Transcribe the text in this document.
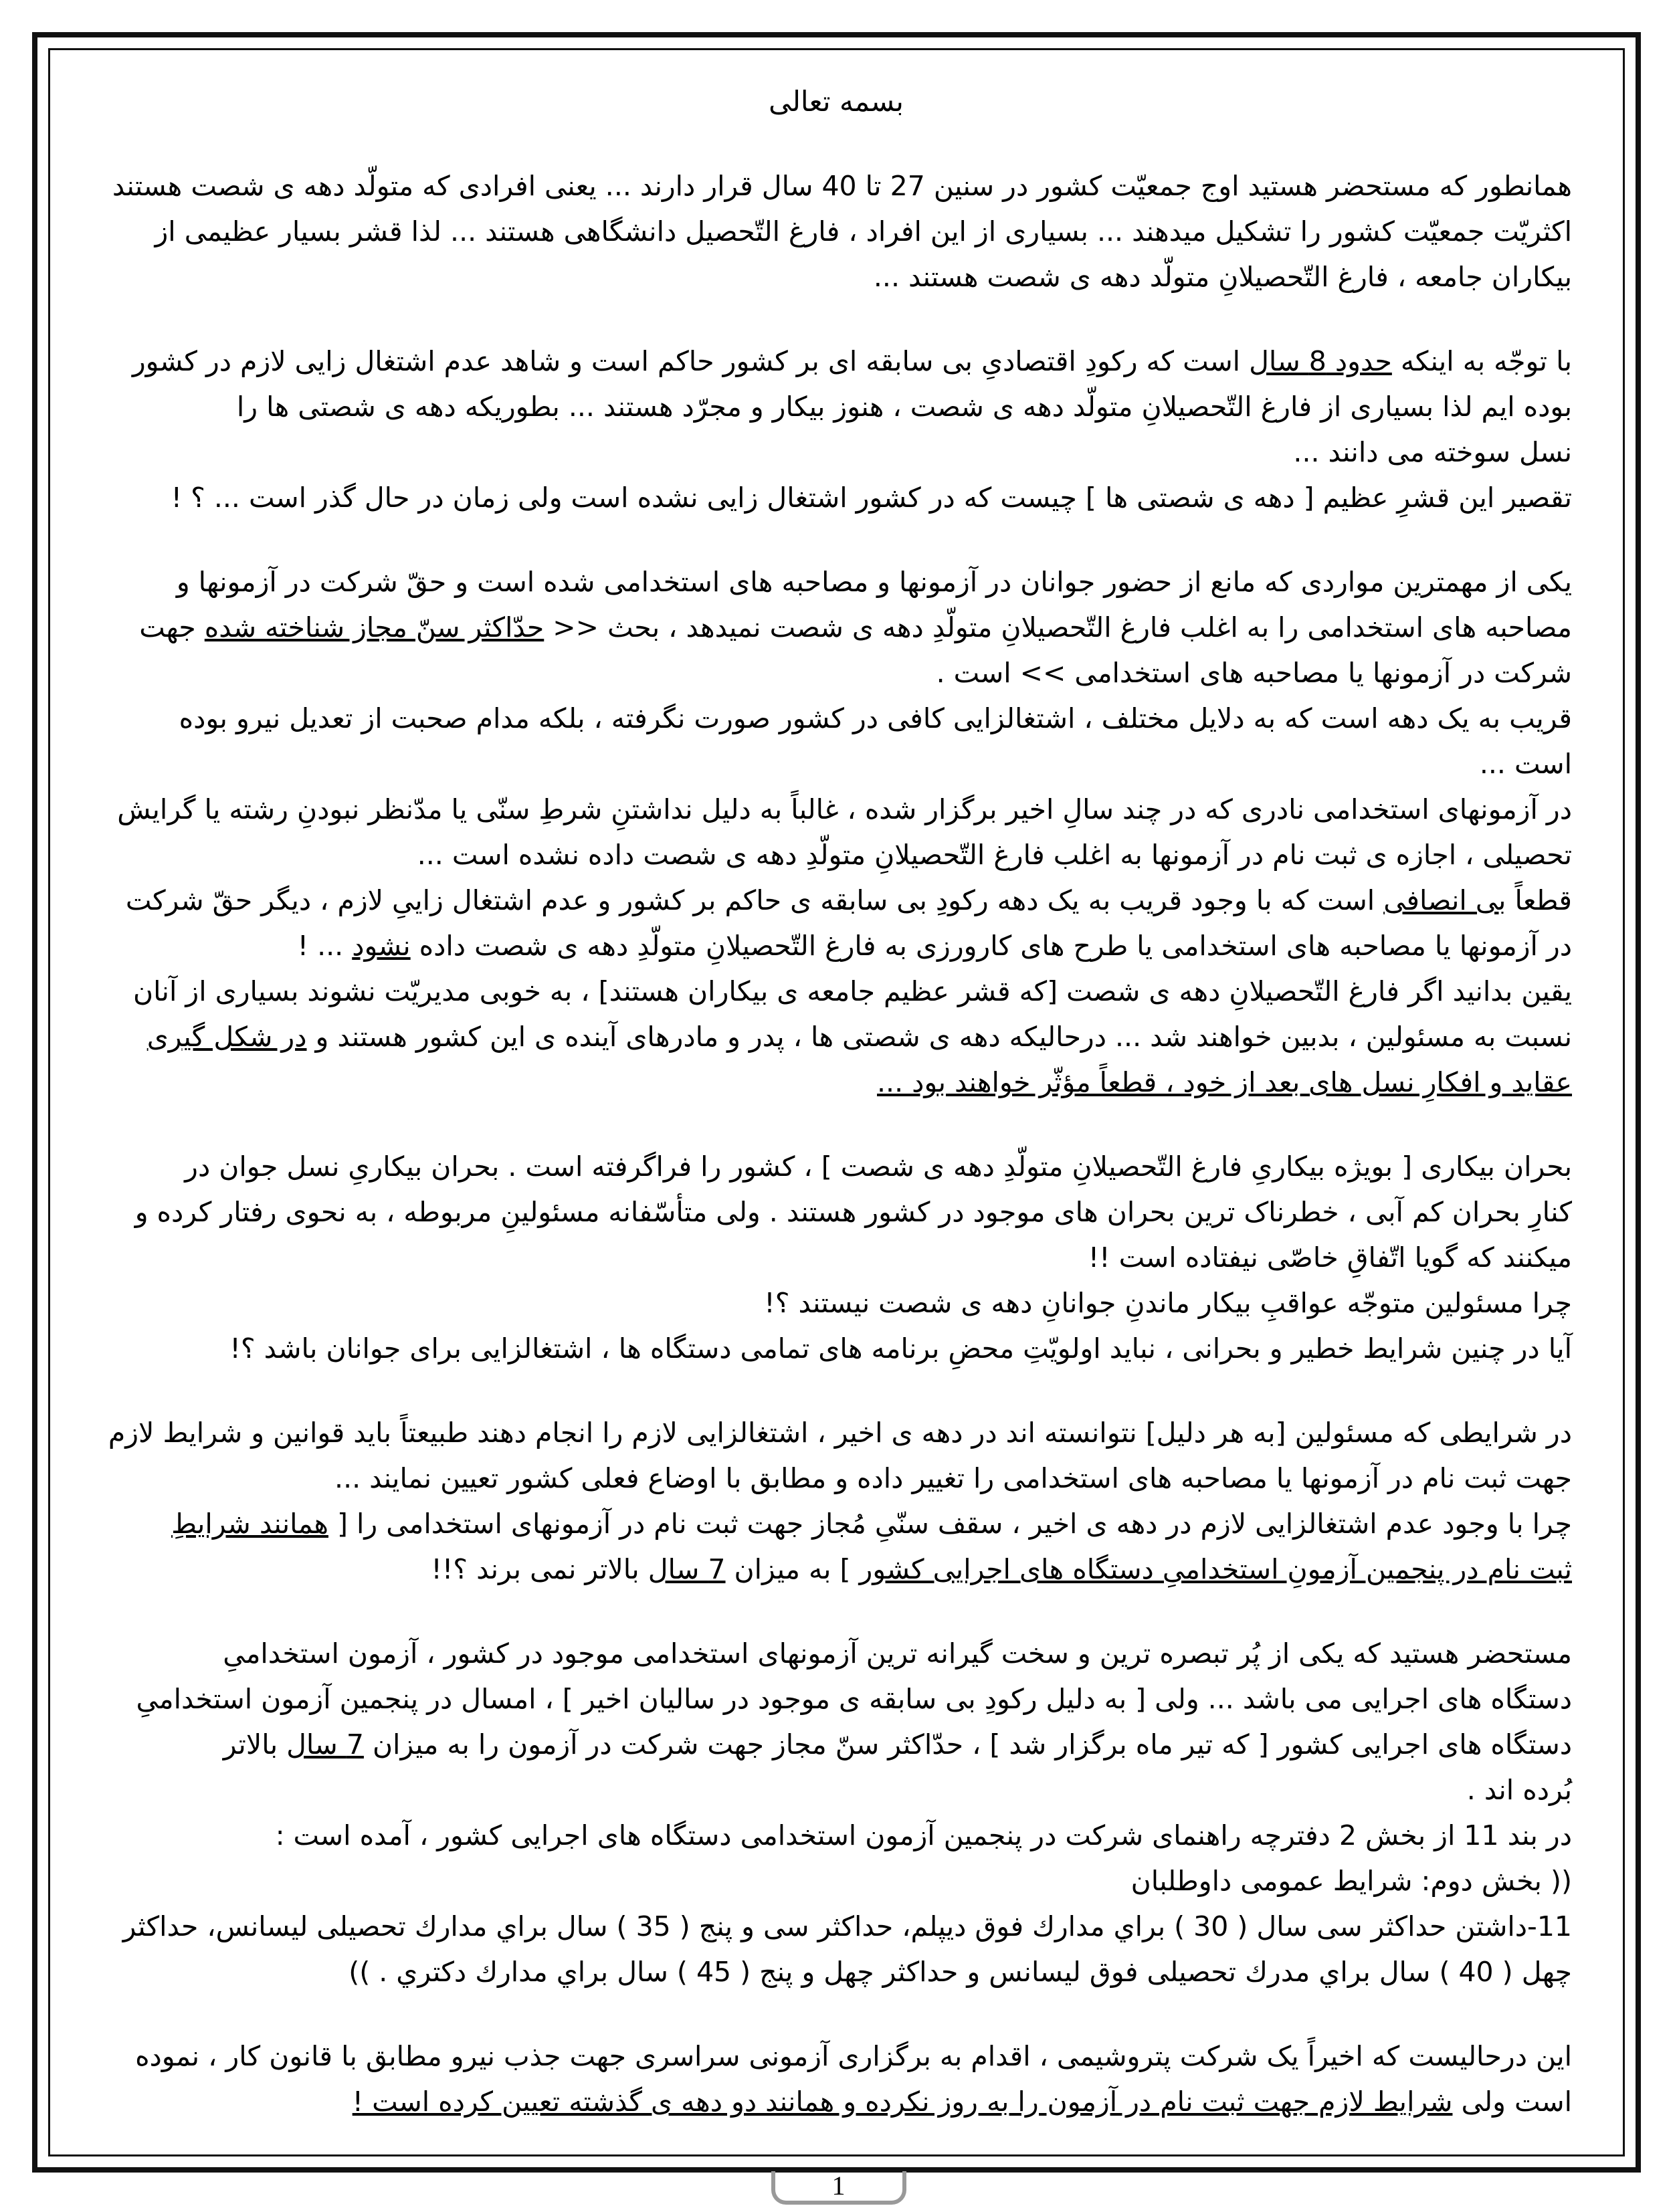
بسمه تعالی

همانطور که مستحضر هستید اوج جمعیّت کشور در سنین 27 تا 40 سال قرار دارند ... یعنی افرادی که متولّد دهه ی شصت هستند

اکثریّت جمعیّت کشور را تشکیل میدهند ... بسیاری از این افراد ، فارغ التّحصیل دانشگاهی هستند ... لذا قشر بسیار عظیمی از

بیکاران جامعه ، فارغ التّحصیلانِ متولّد دهه ی شصت هستند ...

با توجّه به اینکه حدود 8 سال است که رکودِ اقتصادیِ بی سابقه ای بر کشور حاکم است و شاهد عدم اشتغال زایی لازم در کشور

بوده ایم لذا بسیاری از فارغ التّحصیلانِ متولّد دهه ی شصت ، هنوز بیکار و مجرّد هستند ... بطوریکه دهه ی شصتی ها را

نسل سوخته می دانند ...

تقصیر این قشرِ عظیم [ دهه ی شصتی ها ] چیست که در کشور اشتغال زایی نشده است ولی زمان در حال گذر است ... ؟ !

یکی از مهمترین مواردی که مانع از حضور جوانان در آزمونها و مصاحبه های استخدامی شده است و حقّ شرکت در آزمونها و

مصاحبه های استخدامی را به اغلب فارغ التّحصیلانِ متولّدِ دهه ی شصت نمیدهد ، بحث << حدّاکثر سنّ مجاز شناخته شده جهت

شرکت در آزمونها یا مصاحبه های استخدامی >> است .

قریب به یک دهه است که به دلایل مختلف ، اشتغالزایی کافی در کشور صورت نگرفته ، بلکه مدام صحبت از تعدیل نیرو بوده

است ...

در آزمونهای استخدامی نادری که در چند سالِ اخیر برگزار شده ، غالباً به دلیل نداشتنِ شرطِ سنّی یا مدّنظر نبودنِ رشته یا گرایش

تحصیلی ، اجازه ی ثبت نام در آزمونها به اغلب فارغ التّحصیلانِ متولّدِ دهه ی شصت داده نشده است ...

قطعاً بی انصافی است که با وجود قریب به یک دهه رکودِ بی سابقه ی حاکم بر کشور و عدم اشتغال زاییِ لازم ، دیگر حقّ شرکت

در آزمونها یا مصاحبه های استخدامی یا طرح های کارورزی به فارغ التّحصیلانِ متولّدِ دهه ی شصت داده نشود ... !

یقین بدانید اگر فارغ التّحصیلانِ دهه ی شصت [که قشر عظیم جامعه ی بیکاران هستند] ، به خوبی مدیریّت نشوند بسیاری از آنان

نسبت به مسئولین ، بدبین خواهند شد ... درحالیکه دهه ی شصتی ها ، پدر و مادرهای آینده ی این کشور هستند و در شکل گیری

عقاید و افکارِ نسل های بعد از خود ، قطعاً مؤثّر خواهند بود ...

بحران بیکاری [ بویژه بیکاریِ فارغ التّحصیلانِ متولّدِ دهه ی شصت ] ، کشور را فراگرفته است . بحران بیکاریِ نسل جوان در

کنارِ بحران کم آبی ، خطرناک ترین بحران های موجود در کشور هستند . ولی متأسّفانه مسئولینِ مربوطه ، به نحوی رفتار کرده و

میکنند که گویا اتّفاقِ خاصّی نیفتاده است !!

چرا مسئولین متوجّه عواقبِ بیکار ماندنِ جوانانِ دهه ی شصت نیستند ؟!

آیا در چنین شرایط خطیر و بحرانی ، نباید اولویّتِ محضِ برنامه های تمامی دستگاه ها ، اشتغالزایی برای جوانان باشد ؟!

در شرایطی که مسئولین [به هر دلیل] نتوانسته اند در دهه ی اخیر ، اشتغالزایی لازم را انجام دهند طبیعتاً باید قوانین و شرایط لازم

جهت ثبت نام در آزمونها یا مصاحبه های استخدامی را تغییر داده و مطابق با اوضاع فعلی کشور تعیین نمایند ...

چرا با وجود عدم اشتغالزایی لازم در دهه ی اخیر ، سقف سنّیِ مُجاز جهت ثبت نام در آزمونهای استخدامی را [ همانند شرایطِ

ثبت نام در پنجمین آزمونِ استخدامیِ دستگاه های اجرایی کشور ] به میزان 7 سال بالاتر نمی برند ؟!!

مستحضر هستید که یکی از پُر تبصره ترین و سخت گیرانه ترین آزمونهای استخدامی موجود در کشور ، آزمون استخدامیِ

دستگاه های اجرایی می باشد ... ولی [ به دلیل رکودِ بی سابقه ی موجود در سالیان اخیر ] ، امسال در پنجمین آزمون استخدامیِ

دستگاه های اجرایی کشور [ که تیر ماه برگزار شد ] ، حدّاکثر سنّ مجاز جهت شرکت در آزمون را به میزان 7 سال بالاتر

بُرده اند .

در بند 11 از بخش 2 دفترچه راهنمای شرکت در پنجمین آزمون استخدامی دستگاه های اجرایی کشور ، آمده است :

(( بخش دوم: شرایط عمومی داوطلبان

11-داشتن حداكثر سی سال ( 30 ) براي مدارك فوق ديپلم، حداكثر سی و پنج ( 35 ) سال براي مدارك تحصيلی ليسانس، حداكثر

چهل ( 40 ) سال براي مدرك تحصيلی فوق ليسانس و حداكثر چهل و پنج ( 45 ) سال براي مدارك دكتري . ))

این درحالیست که اخیراً یک شرکت پتروشیمی ، اقدام به برگزاری آزمونی سراسری جهت جذب نیرو مطابق با قانون کار ، نموده

است ولی شرایط لازم جهت ثبت نام در آزمون را به روز نکرده و همانند دو دهه ی گذشته تعیین کرده است !

1
